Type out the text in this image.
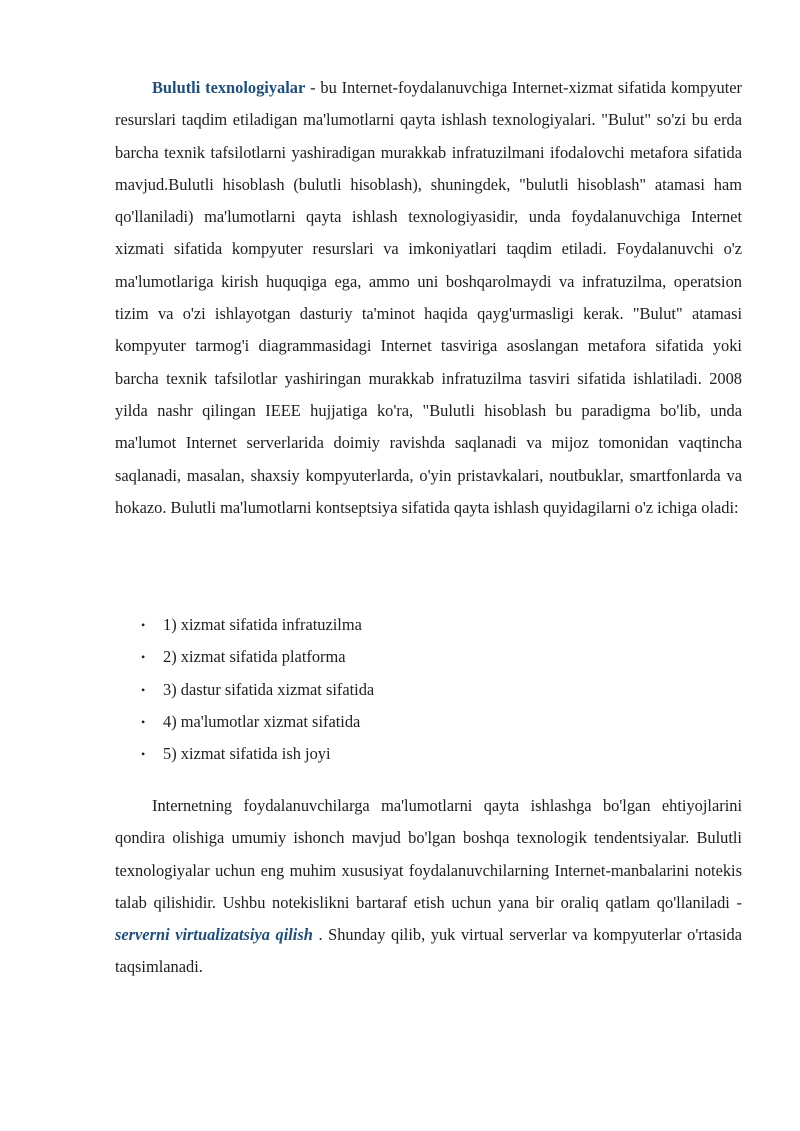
Bulutli texnologiyalar - bu Internet-foydalanuvchiga Internet-xizmat sifatida kompyuter resurslari taqdim etiladigan ma'lumotlarni qayta ishlash texnologiyalari. "Bulut" so'zi bu erda barcha texnik tafsilotlarni yashiradigan murakkab infratuzilmani ifodalovchi metafora sifatida mavjud.Bulutli hisoblash (bulutli hisoblash), shuningdek, "bulutli hisoblash" atamasi ham qo'llaniladi) ma'lumotlarni qayta ishlash texnologiyasidir, unda foydalanuvchiga Internet xizmati sifatida kompyuter resurslari va imkoniyatlari taqdim etiladi. Foydalanuvchi o'z ma'lumotlariga kirish huquqiga ega, ammo uni boshqarolmaydi va infratuzilma, operatsion tizim va o'zi ishlayotgan dasturiy ta'minot haqida qayg'urmasligi kerak. "Bulut" atamasi kompyuter tarmog'i diagrammasidagi Internet tasviriga asoslangan metafora sifatida yoki barcha texnik tafsilotlar yashiringan murakkab infratuzilma tasviri sifatida ishlatiladi. 2008 yilda nashr qilingan IEEE hujjatiga ko'ra, "Bulutli hisoblash bu paradigma bo'lib, unda ma'lumot Internet serverlarida doimiy ravishda saqlanadi va mijoz tomonidan vaqtincha saqlanadi, masalan, shaxsiy kompyuterlarda, o'yin pristavkalari, noutbuklar, smartfonlarda va hokazo. Bulutli ma'lumotlarni kontseptsiya sifatida qayta ishlash quyidagilarni o'z ichiga oladi:

• 1) xizmat sifatida infratuzilma
• 2) xizmat sifatida platforma
• 3) dastur sifatida xizmat sifatida
• 4) ma'lumotlar xizmat sifatida
• 5) xizmat sifatida ish joyi

Internetning foydalanuvchilarga ma'lumotlarni qayta ishlashga bo'lgan ehtiyojlarini qondira olishiga umumiy ishonch mavjud bo'lgan boshqa texnologik tendentsiyalar. Bulutli texnologiyalar uchun eng muhim xususiyat foydalanuvchilarning Internet-manbalarini notekis talab qilishidir. Ushbu notekislikni bartaraf etish uchun yana bir oraliq qatlam qo'llaniladi - serverni virtualizatsiya qilish . Shunday qilib, yuk virtual serverlar va kompyuterlar o'rtasida taqsimlanadi.
